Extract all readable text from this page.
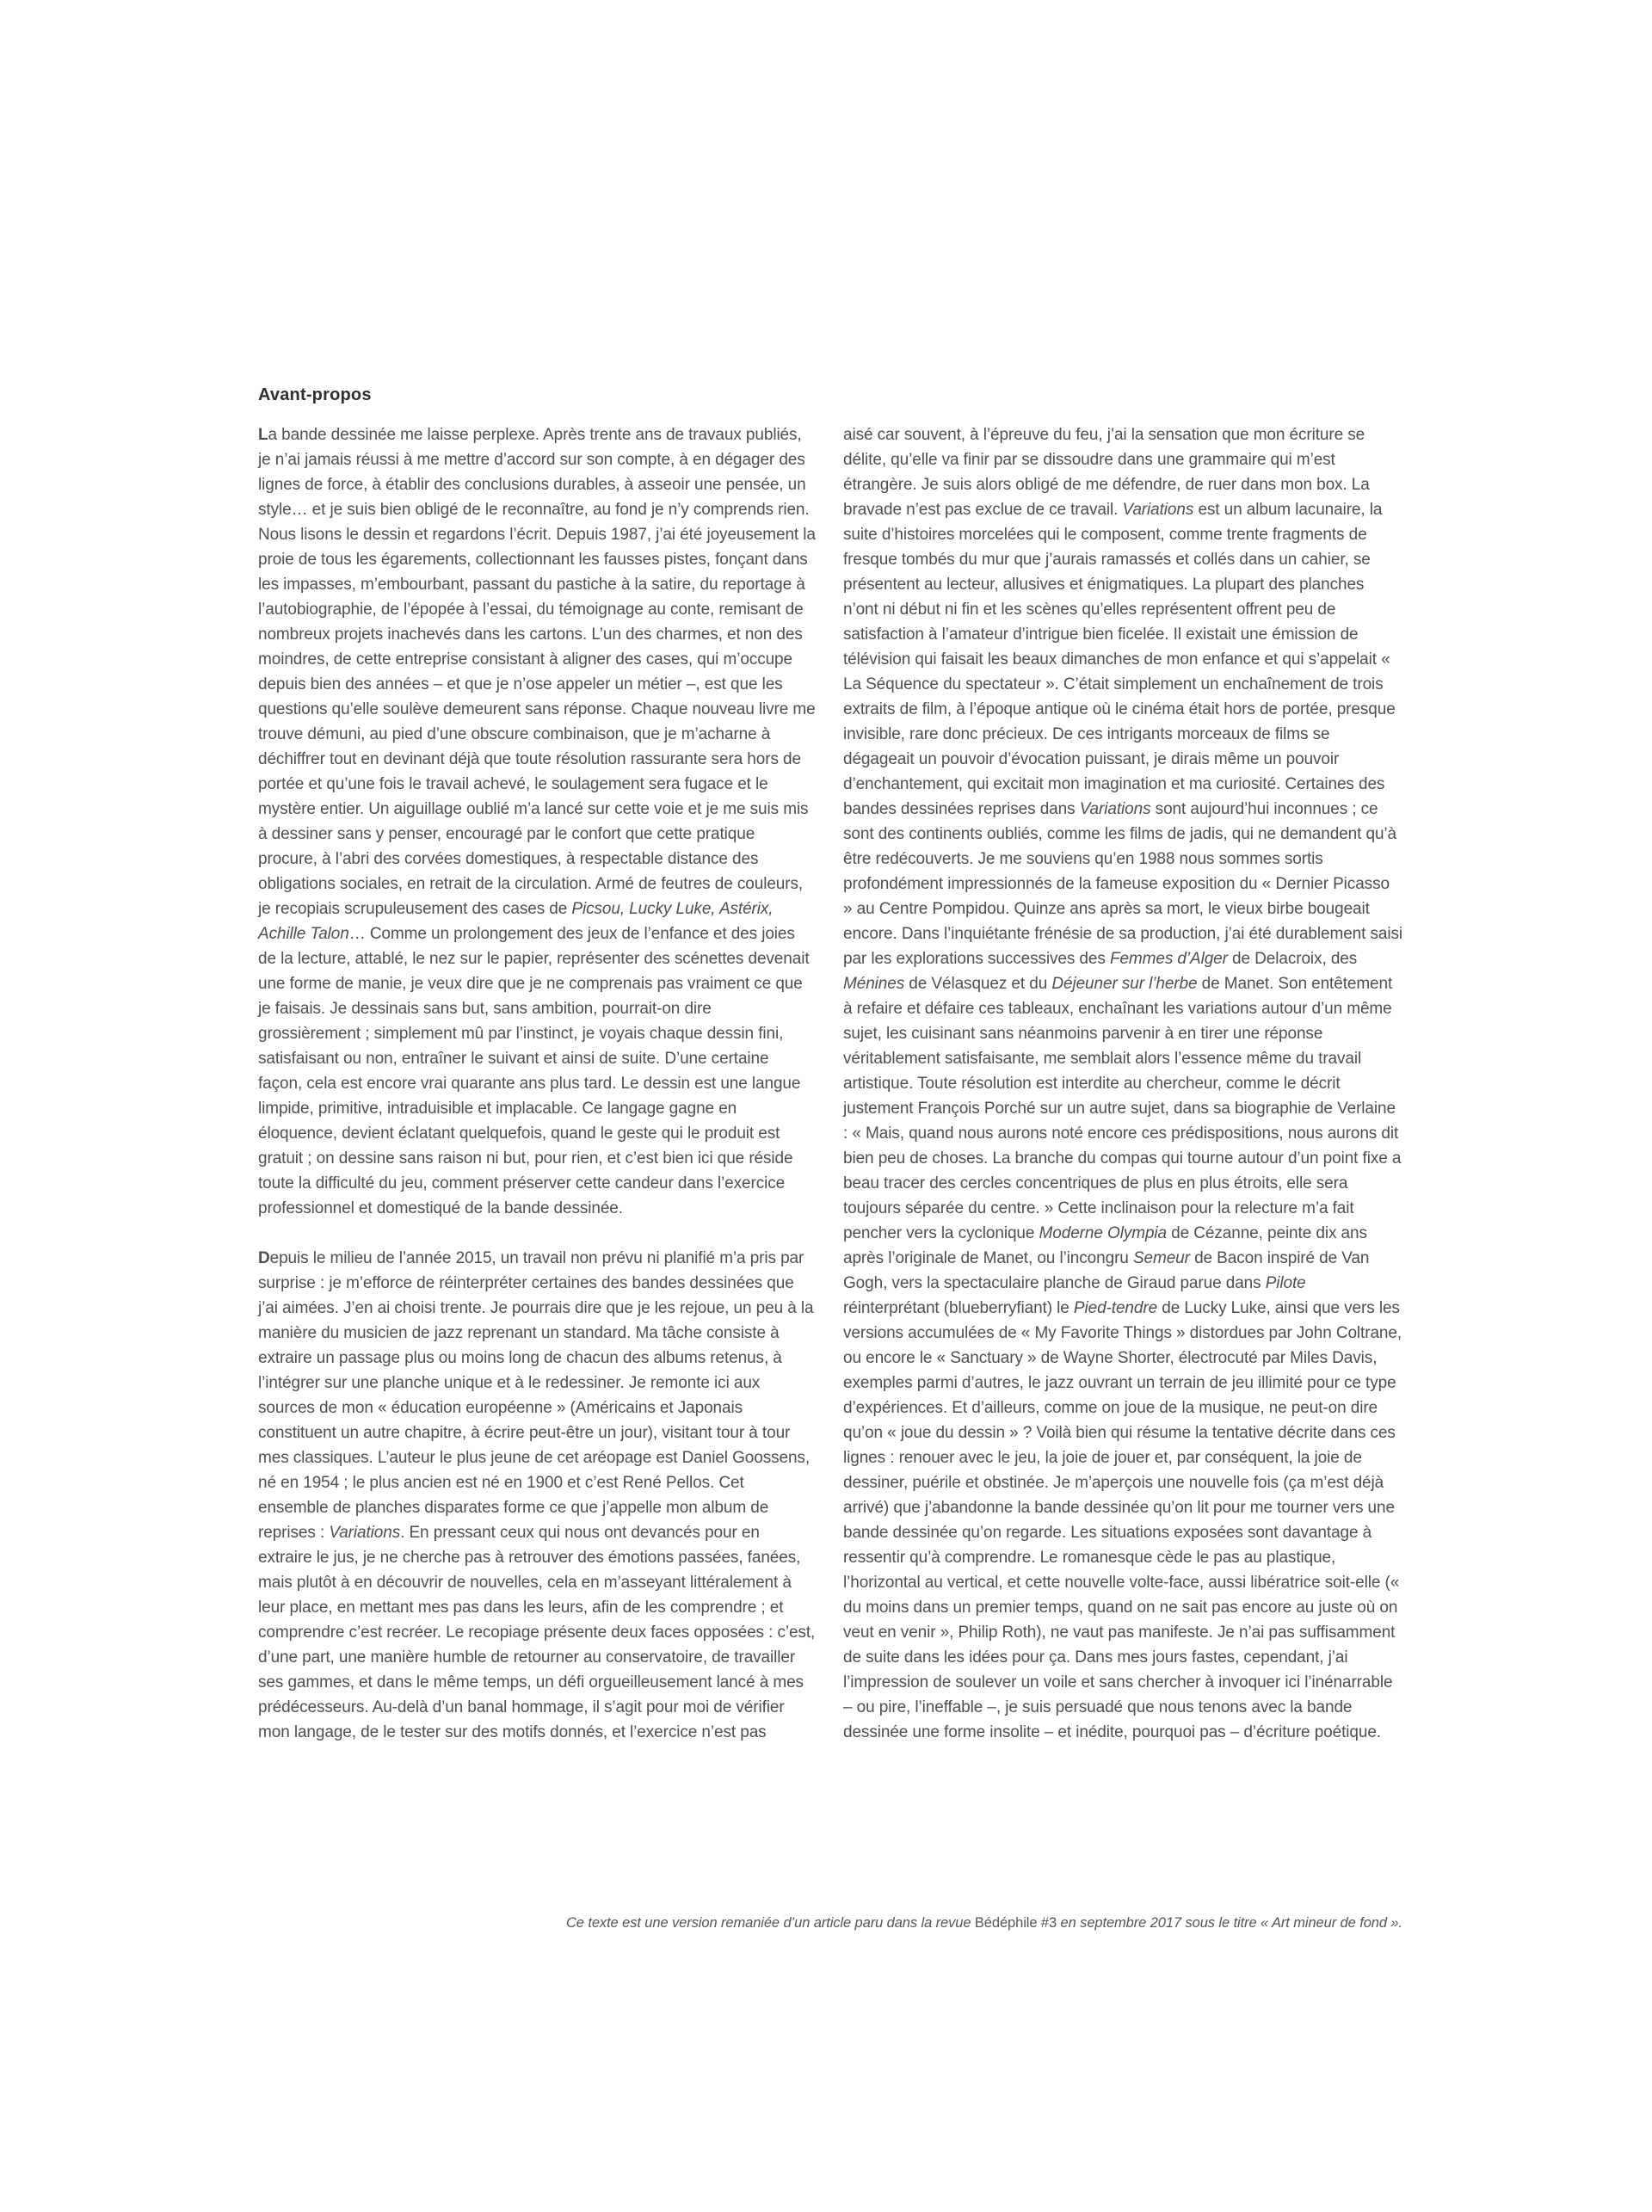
Avant-propos

La bande dessinée me laisse perplexe. Après trente ans de travaux publiés, je n’ai jamais réussi à me mettre d’accord sur son compte, à en dégager des lignes de force, à établir des conclusions durables, à asseoir une pensée, un style… et je suis bien obligé de le reconnaître, au fond je n’y comprends rien. Nous lisons le dessin et regardons l’écrit. Depuis 1987, j’ai été joyeusement la proie de tous les égarements, collectionnant les fausses pistes, fonçant dans les impasses, m’embourbant, passant du pastiche à la satire, du reportage à l’autobiographie, de l’épopée à l’essai, du témoignage au conte, remisant de nombreux projets inachevés dans les cartons. L’un des charmes, et non des moindres, de cette entreprise consistant à aligner des cases, qui m’occupe depuis bien des années – et que je n’ose appeler un métier –, est que les questions qu’elle soulève demeurent sans réponse. Chaque nouveau livre me trouve démuni, au pied d’une obscure combinaison, que je m’acharne à déchiffrer tout en devinant déjà que toute résolution rassurante sera hors de portée et qu’une fois le travail achevé, le soulagement sera fugace et le mystère entier. Un aiguillage oublié m’a lancé sur cette voie et je me suis mis à dessiner sans y penser, encouragé par le confort que cette pratique procure, à l’abri des corvées domestiques, à respectable distance des obligations sociales, en retrait de la circulation. Armé de feutres de couleurs, je recopiais scrupuleusement des cases de Picsou, Lucky Luke, Astérix, Achille Talon… Comme un prolongement des jeux de l’enfance et des joies de la lecture, attablé, le nez sur le papier, représenter des scénettes devenait une forme de manie, je veux dire que je ne comprenais pas vraiment ce que je faisais. Je dessinais sans but, sans ambition, pourrait-on dire grossièrement ; simplement mû par l’instinct, je voyais chaque dessin fini, satisfaisant ou non, entraîner le suivant et ainsi de suite. D’une certaine façon, cela est encore vrai quarante ans plus tard. Le dessin est une langue limpide, primitive, intraduisible et implacable. Ce langage gagne en éloquence, devient éclatant quelquefois, quand le geste qui le produit est gratuit ; on dessine sans raison ni but, pour rien, et c’est bien ici que réside toute la difficulté du jeu, comment préserver cette candeur dans l’exercice professionnel et domestiqué de la bande dessinée.

Depuis le milieu de l’année 2015, un travail non prévu ni planifié m’a pris par surprise : je m’efforce de réinterpréter certaines des bandes dessinées que j’ai aimées. J’en ai choisi trente. Je pourrais dire que je les rejoue, un peu à la manière du musicien de jazz reprenant un standard. Ma tâche consiste à extraire un passage plus ou moins long de chacun des albums retenus, à l’intégrer sur une planche unique et à le redessiner. Je remonte ici aux sources de mon « éducation européenne » (Américains et Japonais constituent un autre chapitre, à écrire peut-être un jour), visitant tour à tour mes classiques. L’auteur le plus jeune de cet aréopage est Daniel Goossens, né en 1954 ; le plus ancien est né en 1900 et c’est René Pellos. Cet ensemble de planches disparates forme ce que j’appelle mon album de reprises : Variations. En pressant ceux qui nous ont devancés pour en extraire le jus, je ne cherche pas à retrouver des émotions passées, fanées, mais plutôt à en découvrir de nouvelles, cela en m’asseyant littéralement à leur place, en mettant mes pas dans les leurs, afin de les comprendre ; et comprendre c’est recréer. Le recopiage présente deux faces opposées : c’est, d’une part, une manière humble de retourner au conservatoire, de travailler ses gammes, et dans le même temps, un défi orgueilleusement lancé à mes prédécesseurs. Au-delà d’un banal hommage, il s’agit pour moi de vérifier mon langage, de le tester sur des motifs donnés, et l’exercice n’est pas

aisé car souvent, à l’épreuve du feu, j’ai la sensation que mon écriture se délite, qu’elle va finir par se dissoudre dans une grammaire qui m’est étrangère. Je suis alors obligé de me défendre, de ruer dans mon box. La bravade n’est pas exclue de ce travail. Variations est un album lacunaire, la suite d’histoires morcelées qui le composent, comme trente fragments de fresque tombés du mur que j’aurais ramassés et collés dans un cahier, se présentent au lecteur, allusives et énigmatiques. La plupart des planches n’ont ni début ni fin et les scènes qu’elles représentent offrent peu de satisfaction à l’amateur d’intrigue bien ficelée. Il existait une émission de télévision qui faisait les beaux dimanches de mon enfance et qui s’appelait « La Séquence du spectateur ». C’était simplement un enchaînement de trois extraits de film, à l’époque antique où le cinéma était hors de portée, presque invisible, rare donc précieux. De ces intrigants morceaux de films se dégageait un pouvoir d’évocation puissant, je dirais même un pouvoir d’enchantement, qui excitait mon imagination et ma curiosité. Certaines des bandes dessinées reprises dans Variations sont aujourd’hui inconnues ; ce sont des continents oubliés, comme les films de jadis, qui ne demandent qu’à être redécouverts. Je me souviens qu’en 1988 nous sommes sortis profondément impressionnés de la fameuse exposition du « Dernier Picasso » au Centre Pompidou. Quinze ans après sa mort, le vieux birbe bougeait encore. Dans l’inquiétante frénésie de sa production, j’ai été durablement saisi par les explorations successives des Femmes d’Alger de Delacroix, des Ménines de Vélasquez et du Déjeuner sur l’herbe de Manet. Son entêtement à refaire et défaire ces tableaux, enchaînant les variations autour d’un même sujet, les cuisinant sans néanmoins parvenir à en tirer une réponse véritablement satisfaisante, me semblait alors l’essence même du travail artistique. Toute résolution est interdite au chercheur, comme le décrit justement François Porché sur un autre sujet, dans sa biographie de Verlaine : « Mais, quand nous aurons noté encore ces prédispositions, nous aurons dit bien peu de choses. La branche du compas qui tourne autour d’un point fixe a beau tracer des cercles concentriques de plus en plus étroits, elle sera toujours séparée du centre. » Cette inclinaison pour la relecture m’a fait pencher vers la cyclonique Moderne Olympia de Cézanne, peinte dix ans après l’originale de Manet, ou l’incongru Semeur de Bacon inspiré de Van Gogh, vers la spectaculaire planche de Giraud parue dans Pilote réinterprétant (blueberryfiant) le Pied-tendre de Lucky Luke, ainsi que vers les versions accumulées de « My Favorite Things » distordues par John Coltrane, ou encore le « Sanctuary » de Wayne Shorter, électrocuté par Miles Davis, exemples parmi d’autres, le jazz ouvrant un terrain de jeu illimité pour ce type d’expériences. Et d’ailleurs, comme on joue de la musique, ne peut-on dire qu’on « joue du dessin » ? Voilà bien qui résume la tentative décrite dans ces lignes : renouer avec le jeu, la joie de jouer et, par conséquent, la joie de dessiner, puérile et obstinée. Je m’aperçois une nouvelle fois (ça m’est déjà arrivé) que j’abandonne la bande dessinée qu’on lit pour me tourner vers une bande dessinée qu’on regarde. Les situations exposées sont davantage à ressentir qu’à comprendre. Le romanesque cède le pas au plastique, l’horizontal au vertical, et cette nouvelle volte-face, aussi libératrice soit-elle (« du moins dans un premier temps, quand on ne sait pas encore au juste où on veut en venir », Philip Roth), ne vaut pas manifeste. Je n’ai pas suffisamment de suite dans les idées pour ça. Dans mes jours fastes, cependant, j’ai l’impression de soulever un voile et sans chercher à invoquer ici l’inénarrable – ou pire, l’ineffable –, je suis persuadé que nous tenons avec la bande dessinée une forme insolite – et inédite, pourquoi pas – d’écriture poétique.

Ce texte est une version remaniée d’un article paru dans la revue Bédéphile #3 en septembre 2017 sous le titre « Art mineur de fond ».
